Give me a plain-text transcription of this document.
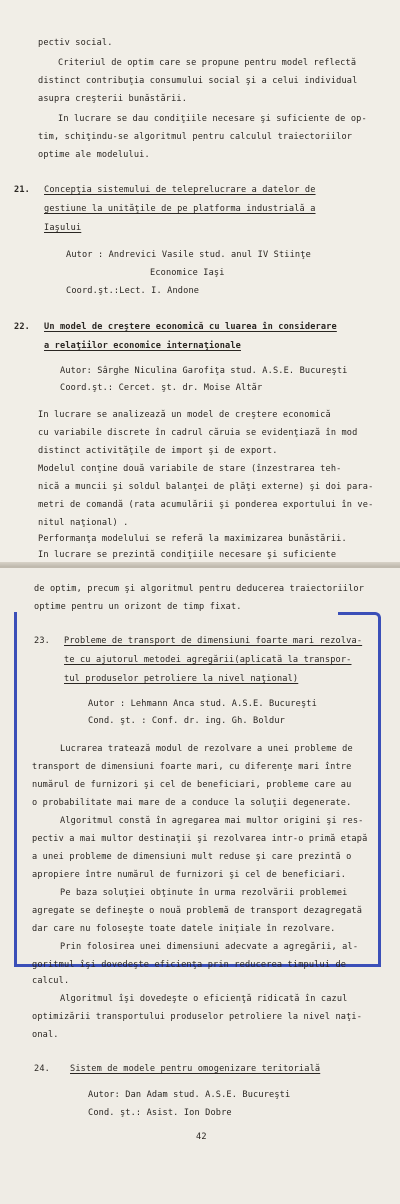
pectiv social.
Criteriul de optim care se propune pentru model reflectă
distinct contribuţia consumului social şi a celui individual
asupra creşterii bunăstării.
In lucrare se dau condiţiile necesare şi suficiente de op-
tim, schiţindu-se algoritmul pentru calculul traiectoriilor
optime ale modelului.
21. Concepţia sistemului de teleprelucrare a datelor de
gestiune la unităţile de pe platforma industrială a
Iaşului
Autor : Andrevici Vasile stud. anul IV Stiinţe
Economice Iaşi
Coord.şt.:Lect. I. Andone
22. Un model de creştere economică cu luarea în considerare
a relaţiilor economice internaţionale
Autor: Sârghe Niculina Garofiţa stud. A.S.E. Bucureşti
Coord.şt.: Cercet. şt. dr. Moise Altăr
In lucrare se analizează un model de creştere economică
cu variabile discrete în cadrul căruia se evidenţiază în mod
distinct activităţile de import şi de export.
Modelul conţine două variabile de stare (înzestrarea teh-
nică a muncii şi soldul balanţei de plăţi externe) şi doi para-
metri de comandă (rata acumulării şi ponderea exportului în ve-
nitul naţional) .
Performanţa modelului se referă la maximizarea bunăstării.
In lucrare se prezintă condiţiile necesare şi suficiente
de optim, precum şi algoritmul pentru deducerea traiectoriilor
optime pentru un orizont de timp fixat.
23. Probleme de transport de dimensiuni foarte mari rezolva-
te cu ajutorul metodei agregării(aplicată la transpor-
tul produselor petroliere la nivel naţional)
Autor : Lehmann Anca stud. A.S.E. Bucureşti
Cond. şt. : Conf. dr. ing. Gh. Boldur
Lucrarea tratează modul de rezolvare a unei probleme de
transport de dimensiuni foarte mari, cu diferenţe mari între
numărul de furnizori şi cel de beneficiari, probleme care au
o probabilitate mai mare de a conduce la soluţii degenerate.
Algoritmul constă în agregarea mai multor origini şi res-
pectiv a mai multor destinaţii şi rezolvarea intr-o primă etapă
a unei probleme de dimensiuni mult reduse şi care prezintă o
apropiere între numărul de furnizori şi cel de beneficiari.
Pe baza soluţiei obţinute în urma rezolvării problemei
agregate se defineşte o nouă problemă de transport dezagregată
dar care nu foloseşte toate datele iniţiale în rezolvare.
Prin folosirea unei dimensiuni adecvate a agregării, al-
goritmul îşi dovedeşte eficienţa prin reducerea timpului de
calcul.
Algoritmul îşi dovedeşte o eficienţă ridicată în cazul
optimizării transportului produselor petroliere la nivel naţi-
onal.
24. Sistem de modele pentru omogenizare teritorială
Autor: Dan Adam stud. A.S.E. Bucureşti
Cond. şt.: Asist. Ion Dobre
42
